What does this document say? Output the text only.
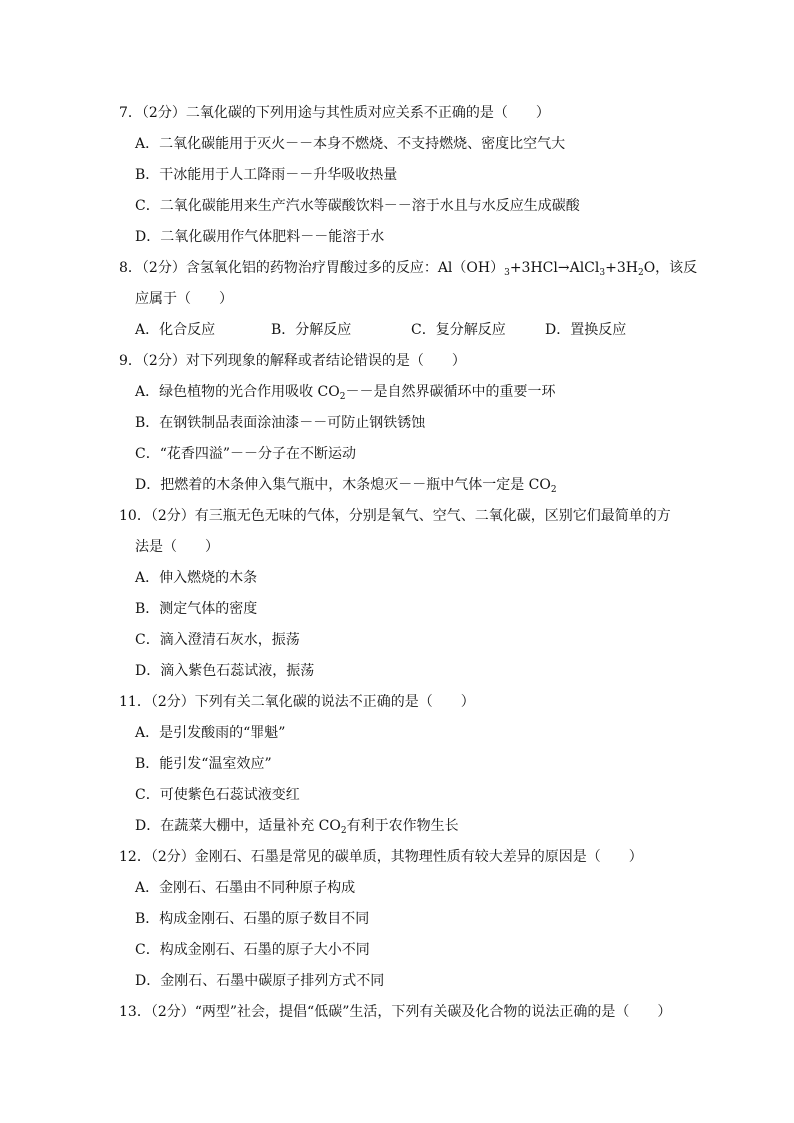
7．（2分）二氧化碳的下列用途与其性质对应关系不正确的是（　　）
A．二氧化碳能用于灭火－－本身不燃烧、不支持燃烧、密度比空气大
B．干冰能用于人工降雨－－升华吸收热量
C．二氧化碳能用来生产汽水等碳酸饮料－－溶于水且与水反应生成碳酸
D．二氧化碳用作气体肥料－－能溶于水
8．（2分）含氢氧化铝的药物治疗胃酸过多的反应：$Al(OH)_3+3HCl\to AlCl_3+3H_2O$，该反
应属于（　　）
A．化合反应	B．分解反应	C．复分解反应	D．置换反应
9．（2分）对下列现象的解释或者结论错误的是（　　）
A．绿色植物的光合作用吸收 $CO_2--$是自然界碳循环中的重要一环
B．在钢铁制品表面涂油漆－－可防止钢铁锈蚀
C．“花香四溢”－－分子在不断运动
D．把燃着的木条伸入集气瓶中，木条熄灭－－瓶中气体一定是 $CO_2$
10．（2分）有三瓶无色无味的气体，分别是氧气、空气、二氧化碳，区别它们最简单的方
法是（　　）
A．伸入燃烧的木条
B．测定气体的密度
C．滴入澄清石灰水，振荡
D．滴入紫色石蕊试液，振荡
11．（2分）下列有关二氧化碳的说法不正确的是（　　）
A．是引发酸雨的“罪魁”
B．能引发“温室效应”
C．可使紫色石蕊试液变红
D．在蔬菜大棚中，适量补充 $CO_2$有利于农作物生长
12．（2分）金刚石、石墨是常见的碳单质，其物理性质有较大差异的原因是（　　）
A．金刚石、石墨由不同种原子构成
B．构成金刚石、石墨的原子数目不同
C．构成金刚石、石墨的原子大小不同
D．金刚石、石墨中碳原子排列方式不同
13．（2分）“两型”社会，提倡“低碳”生活，下列有关碳及化合物的说法正确的是（　　）
